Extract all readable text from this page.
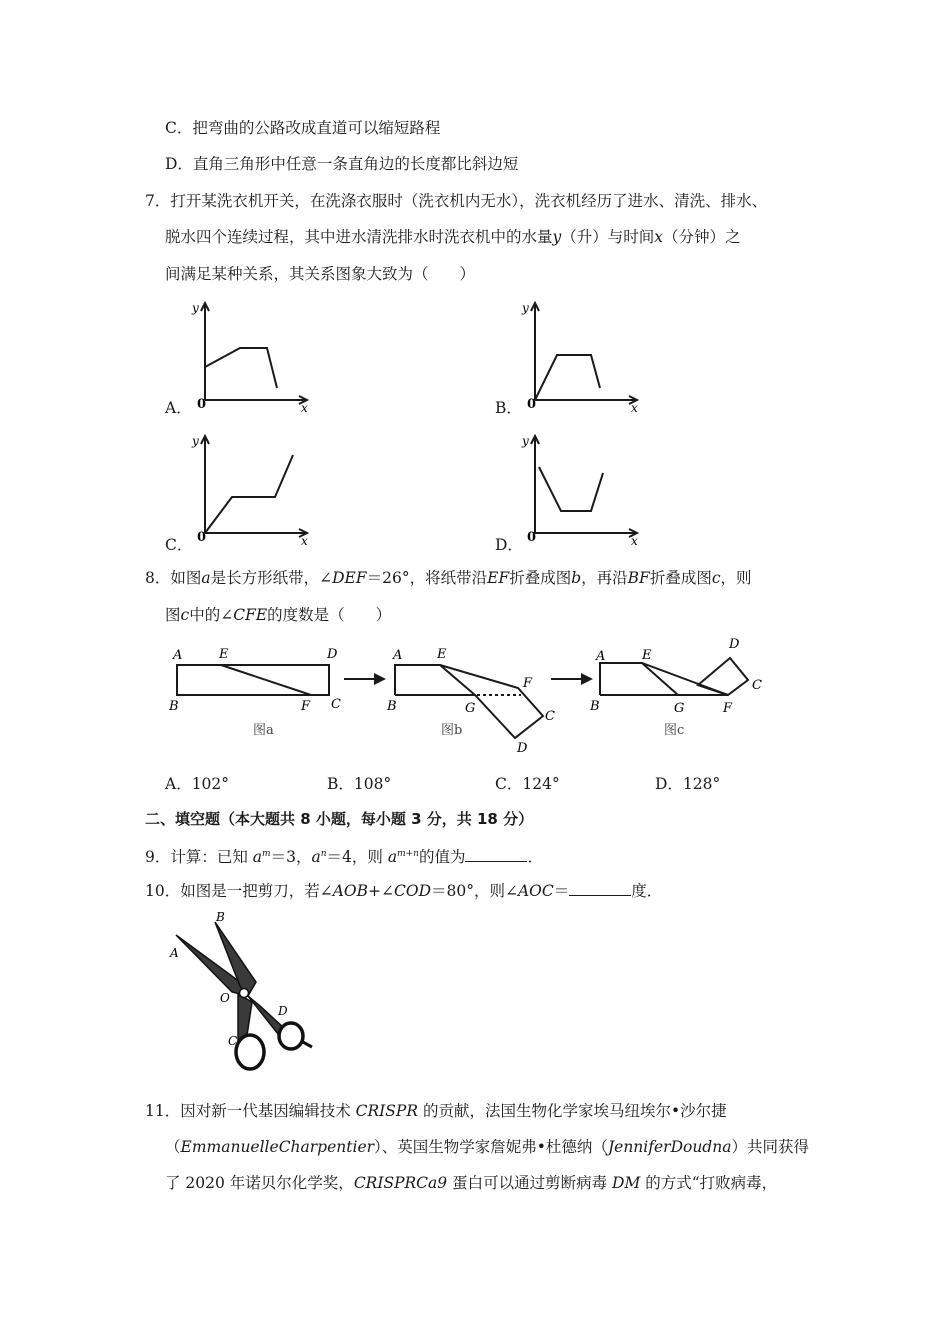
C．把弯曲的公路改成直道可以缩短路程
D．直角三角形中任意一条直角边的长度都比斜边短
7．打开某洗衣机开关，在洗涤衣服时（洗衣机内无水），洗衣机经历了进水、清洗、排水、
脱水四个连续过程，其中进水清洗排水时洗衣机中的水量y（升）与时间x（分钟）之
间满足某种关系，其关系图象大致为（　　）
A．
y
x
0	B．
y
x
0
C．
y
x
0	D．
y
x
0
8．如图a是长方形纸带，∠DEF＝26°，将纸带沿EF折叠成图b，再沿BF折叠成图c，则
图c中的∠CFE的度数是（　　）
A	E	D
B	F C
图a
A	E
F
B	G
C
D
图b
A	E
D
C
B	G	F
图c
A．102°	B．108°	C．124°	D．128°
二、填空题（本大题共 8 小题，每小题 3 分，共 18 分）
9．计算：已知 $a^m=3$，$a^n=4$，则 $a^{m+n}$的值为	．
10．如图是一把剪刀，若∠AOB+∠COD＝80°，则∠AOC＝	度．
B
A
O
C
D
11．因对新一代基因编辑技术 CRISPR 的贡献，法国生物化学家埃马纽埃尔•沙尔捷
（EmmanuelleCharpentier）、英国生物学家詹妮弗•杜德纳（JenniferDoudna）共同获得
了 2020 年诺贝尔化学奖，CRISPRCa9 蛋白可以通过剪断病毒 DM 的方式“打败病毒，
